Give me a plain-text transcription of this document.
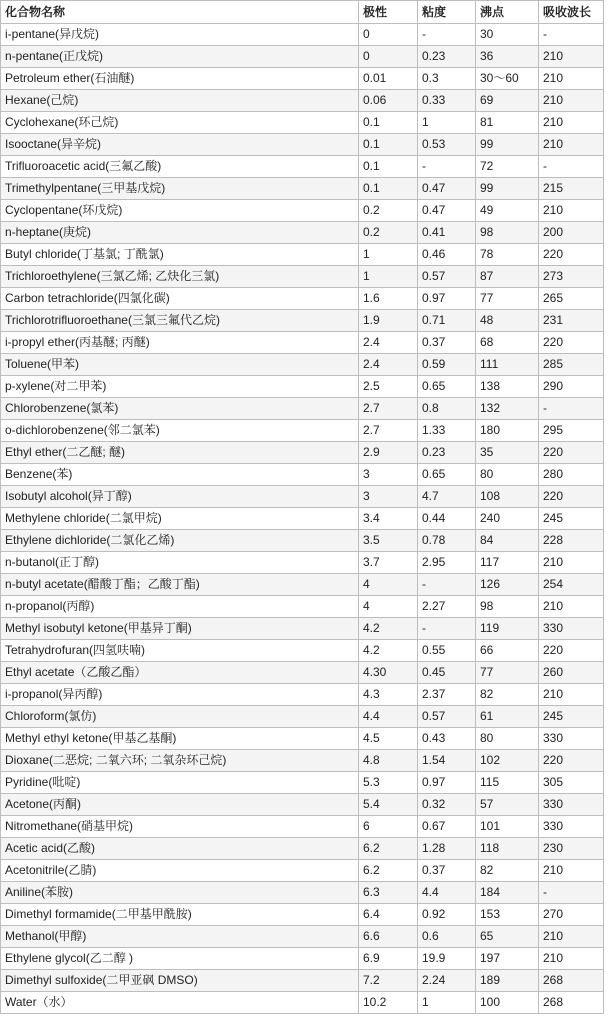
化合物名称	极性	粘度	沸点	吸收波长
i-pentane(异戊烷)	0	-	30	-
n-pentane(正戊烷)	0	0.23	36	210
Petroleum ether(石油醚)	0.01	0.3	30～60	210
Hexane(己烷)	0.06	0.33	69	210
Cyclohexane(环己烷)	0.1	1	81	210
Isooctane(异辛烷)	0.1	0.53	99	210
Trifluoroacetic acid(三氟乙酸)	0.1	-	72	-
Trimethylpentane(三甲基戊烷)	0.1	0.47	99	215
Cyclopentane(环戊烷)	0.2	0.47	49	210
n-heptane(庚烷)	0.2	0.41	98	200
Butyl chloride(丁基氯; 丁酰氯)	1	0.46	78	220
Trichloroethylene(三氯乙烯; 乙炔化三氯)	1	0.57	87	273
Carbon tetrachloride(四氯化碳)	1.6	0.97	77	265
Trichlorotrifluoroethane(三氯三氟代乙烷)	1.9	0.71	48	231
i-propyl ether(丙基醚; 丙醚)	2.4	0.37	68	220
Toluene(甲苯)	2.4	0.59	111	285
p-xylene(对二甲苯)	2.5	0.65	138	290
Chlorobenzene(氯苯)	2.7	0.8	132	-
o-dichlorobenzene(邻二氯苯)	2.7	1.33	180	295
Ethyl ether(二乙醚; 醚)	2.9	0.23	35	220
Benzene(苯)	3	0.65	80	280
Isobutyl alcohol(异丁醇)	3	4.7	108	220
Methylene chloride(二氯甲烷)	3.4	0.44	240	245
Ethylene dichloride(二氯化乙烯)	3.5	0.78	84	228
n-butanol(正丁醇)	3.7	2.95	117	210
n-butyl acetate(醋酸丁酯；乙酸丁酯)	4	-	126	254
n-propanol(丙醇)	4	2.27	98	210
Methyl isobutyl ketone(甲基异丁酮)	4.2	-	119	330
Tetrahydrofuran(四氢呋喃)	4.2	0.55	66	220
Ethyl acetate（乙酸乙酯）	4.30	0.45	77	260
i-propanol(异丙醇)	4.3	2.37	82	210
Chloroform(氯仿)	4.4	0.57	61	245
Methyl ethyl ketone(甲基乙基酮)	4.5	0.43	80	330
Dioxane(二恶烷; 二氧六环; 二氧杂环己烷)	4.8	1.54	102	220
Pyridine(吡啶)	5.3	0.97	115	305
Acetone(丙酮)	5.4	0.32	57	330
Nitromethane(硝基甲烷)	6	0.67	101	330
Acetic acid(乙酸)	6.2	1.28	118	230
Acetonitrile(乙腈)	6.2	0.37	82	210
Aniline(苯胺)	6.3	4.4	184	-
Dimethyl formamide(二甲基甲酰胺)	6.4	0.92	153	270
Methanol(甲醇)	6.6	0.6	65	210
Ethylene glycol(乙二醇 )	6.9	19.9	197	210
Dimethyl sulfoxide(二甲亚砜 DMSO)	7.2	2.24	189	268
Water（水）	10.2	1	100	268
